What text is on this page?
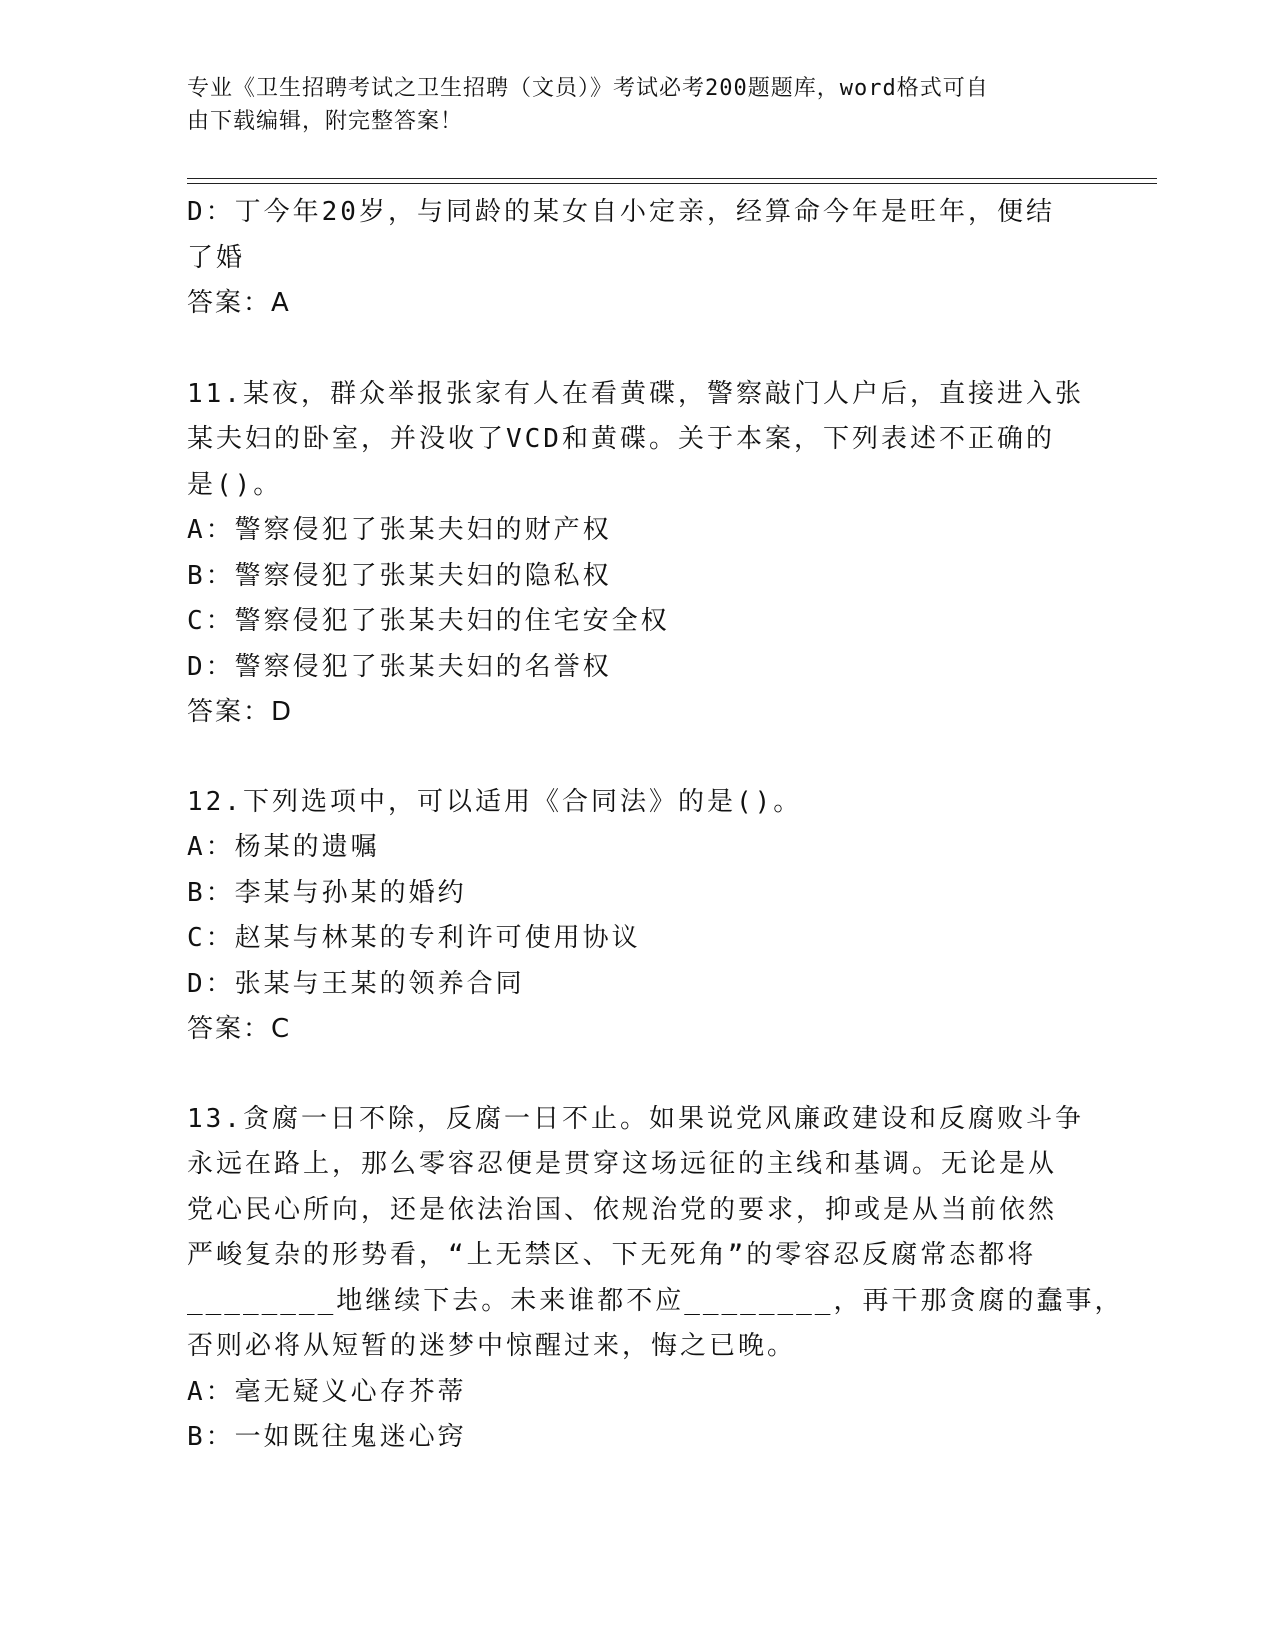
专业《卫生招聘考试之卫生招聘（文员）》考试必考200题题库，word格式可自
由下载编辑，附完整答案！
D：丁今年20岁，与同龄的某女自小定亲，经算命今年是旺年，便结
了婚
答案：A
11.某夜，群众举报张家有人在看黄碟，警察敲门人户后，直接进入张
某夫妇的卧室，并没收了VCD和黄碟。关于本案，下列表述不正确的
是()。
A：警察侵犯了张某夫妇的财产权
B：警察侵犯了张某夫妇的隐私权
C：警察侵犯了张某夫妇的住宅安全权
D：警察侵犯了张某夫妇的名誉权
答案：D
12.下列选项中，可以适用《合同法》的是()。
A：杨某的遗嘱
B：李某与孙某的婚约
C：赵某与林某的专利许可使用协议
D：张某与王某的领养合同
答案：C
13.贪腐一日不除，反腐一日不止。如果说党风廉政建设和反腐败斗争
永远在路上，那么零容忍便是贯穿这场远征的主线和基调。无论是从
党心民心所向，还是依法治国、依规治党的要求，抑或是从当前依然
严峻复杂的形势看，“上无禁区、下无死角”的零容忍反腐常态都将
________地继续下去。未来谁都不应________，再干那贪腐的蠢事，
否则必将从短暂的迷梦中惊醒过来，悔之已晚。
A：毫无疑义心存芥蒂
B：一如既往鬼迷心窍
